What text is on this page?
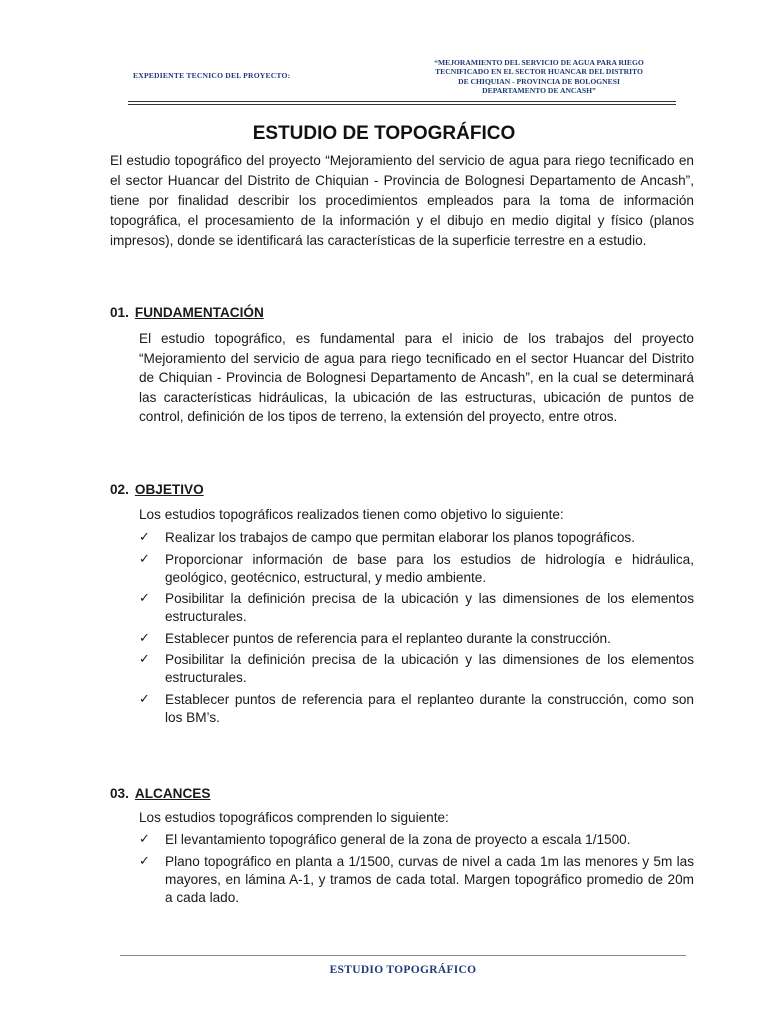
EXPEDIENTE TECNICO DEL PROYECTO:
“MEJORAMIENTO DEL SERVICIO DE AGUA PARA RIEGO
TECNIFICADO EN EL SECTOR HUANCAR DEL DISTRITO
DE CHIQUIAN - PROVINCIA DE BOLOGNESI
DEPARTAMENTO DE ANCASH”
ESTUDIO DE TOPOGRÁFICO

El estudio topográfico del proyecto “Mejoramiento del servicio de agua para riego tecnificado en el sector Huancar del Distrito de Chiquian - Provincia de Bolognesi Departamento de Ancash”, tiene por finalidad describir los procedimientos empleados para la toma de información topográfica, el procesamiento de la información y el dibujo en medio digital y físico (planos impresos), donde se identificará las características de la superficie terrestre en a estudio.

01. FUNDAMENTACIÓN

El estudio topográfico, es fundamental para el inicio de los trabajos del proyecto “Mejoramiento del servicio de agua para riego tecnificado en el sector Huancar del Distrito de Chiquian - Provincia de Bolognesi Departamento de Ancash”, en la cual se determinará las características hidráulicas, la ubicación de las estructuras, ubicación de puntos de control, definición de los tipos de terreno, la extensión del proyecto, entre otros.

02. OBJETIVO

Los estudios topográficos realizados tienen como objetivo lo siguiente:

✓ Realizar los trabajos de campo que permitan elaborar los planos topográficos.
✓ Proporcionar información de base para los estudios de hidrología e hidráulica, geológico, geotécnico, estructural, y medio ambiente.
✓ Posibilitar la definición precisa de la ubicación y las dimensiones de los elementos estructurales.
✓ Establecer puntos de referencia para el replanteo durante la construcción.
✓ Posibilitar la definición precisa de la ubicación y las dimensiones de los elementos estructurales.
✓ Establecer puntos de referencia para el replanteo durante la construcción, como son los BM’s.
03. ALCANCES

Los estudios topográficos comprenden lo siguiente:

✓ El levantamiento topográfico general de la zona de proyecto a escala 1/1500.
✓ Plano topográfico en planta a 1/1500, curvas de nivel a cada 1m las menores y 5m las mayores, en lámina A-1, y tramos de cada total. Margen topográfico promedio de 20m a cada lado.
ESTUDIO TOPOGRÁFICO
